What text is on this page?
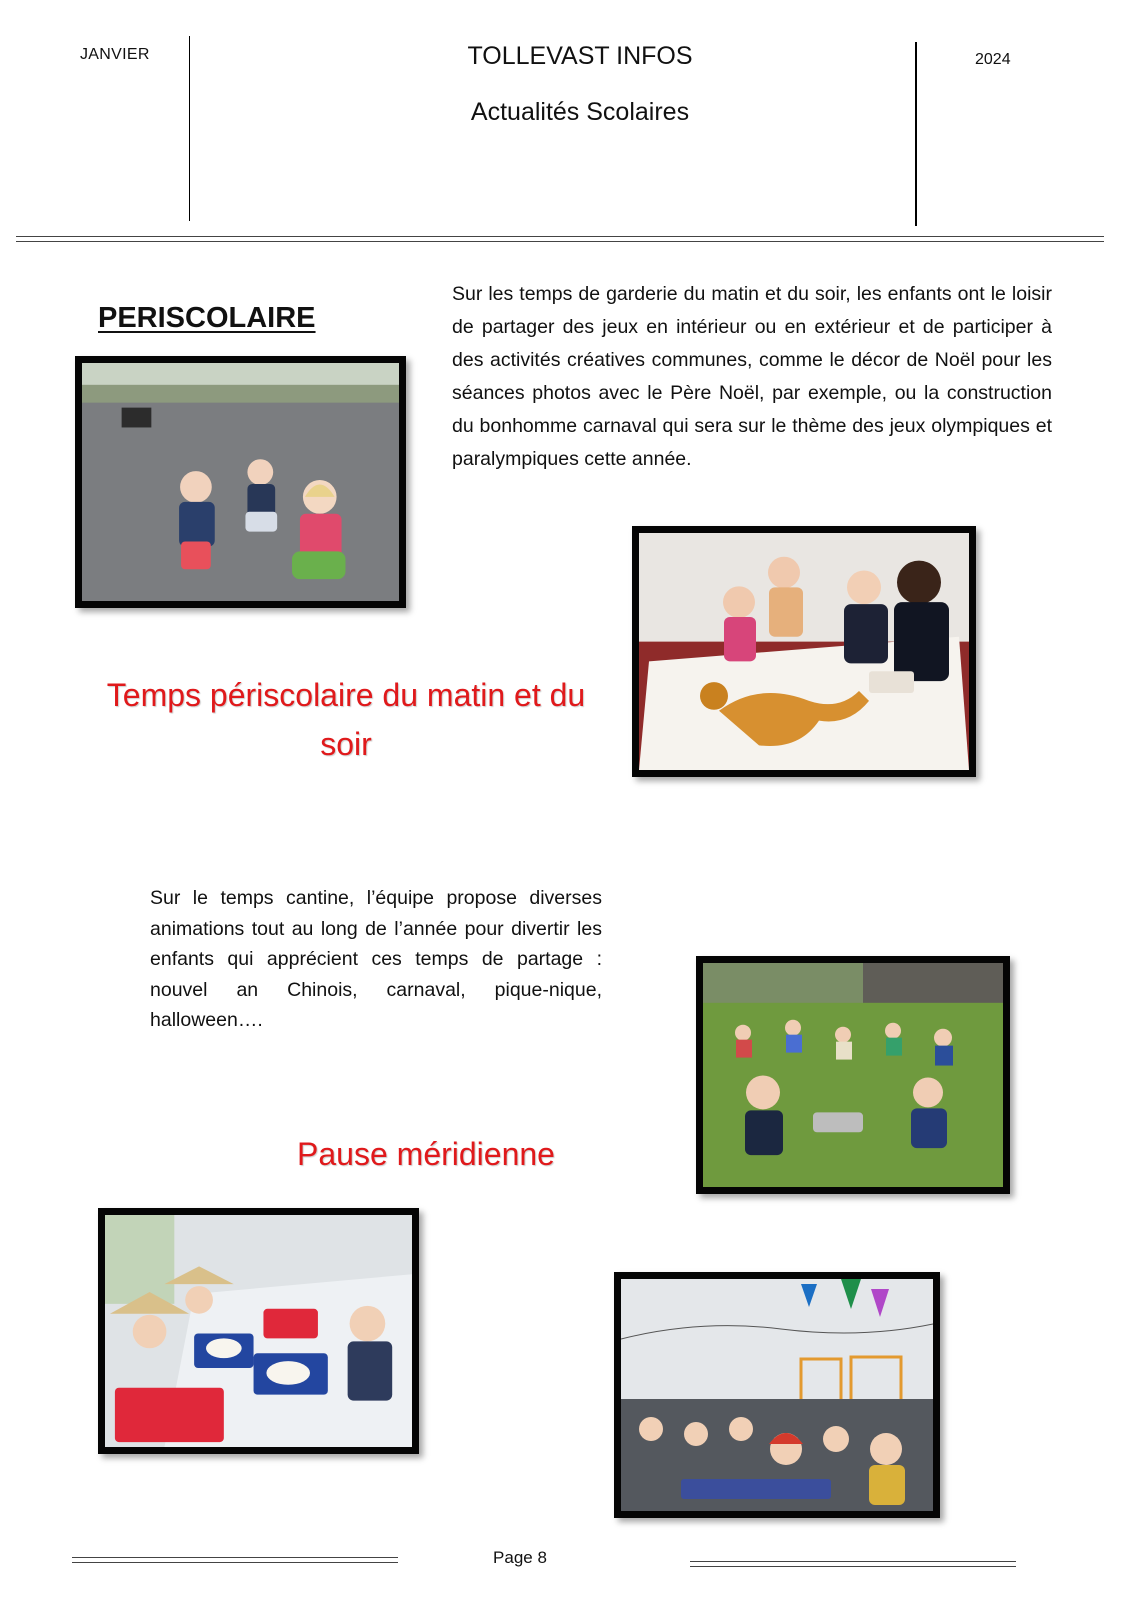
JANVIER	TOLLEVAST INFOS
Actualités Scolaires
2024
PERISCOLAIRE
Sur les temps de garderie du matin et du soir, les enfants ont le loisir de partager des jeux en intérieur ou en extérieur et de participer à des activités créatives communes, comme le décor de Noël pour les séances photos avec le Père Noël, par exemple, ou la construction du bonhomme carnaval qui sera sur le thème des jeux olympiques et paralympiques cette année.
Temps périscolaire du matin et du soir
Sur le temps cantine, l’équipe propose diverses animations tout au long de l’année pour divertir les enfants qui apprécient ces temps de partage : nouvel an Chinois, carnaval, pique-nique, halloween….
Pause méridienne
Page 8
